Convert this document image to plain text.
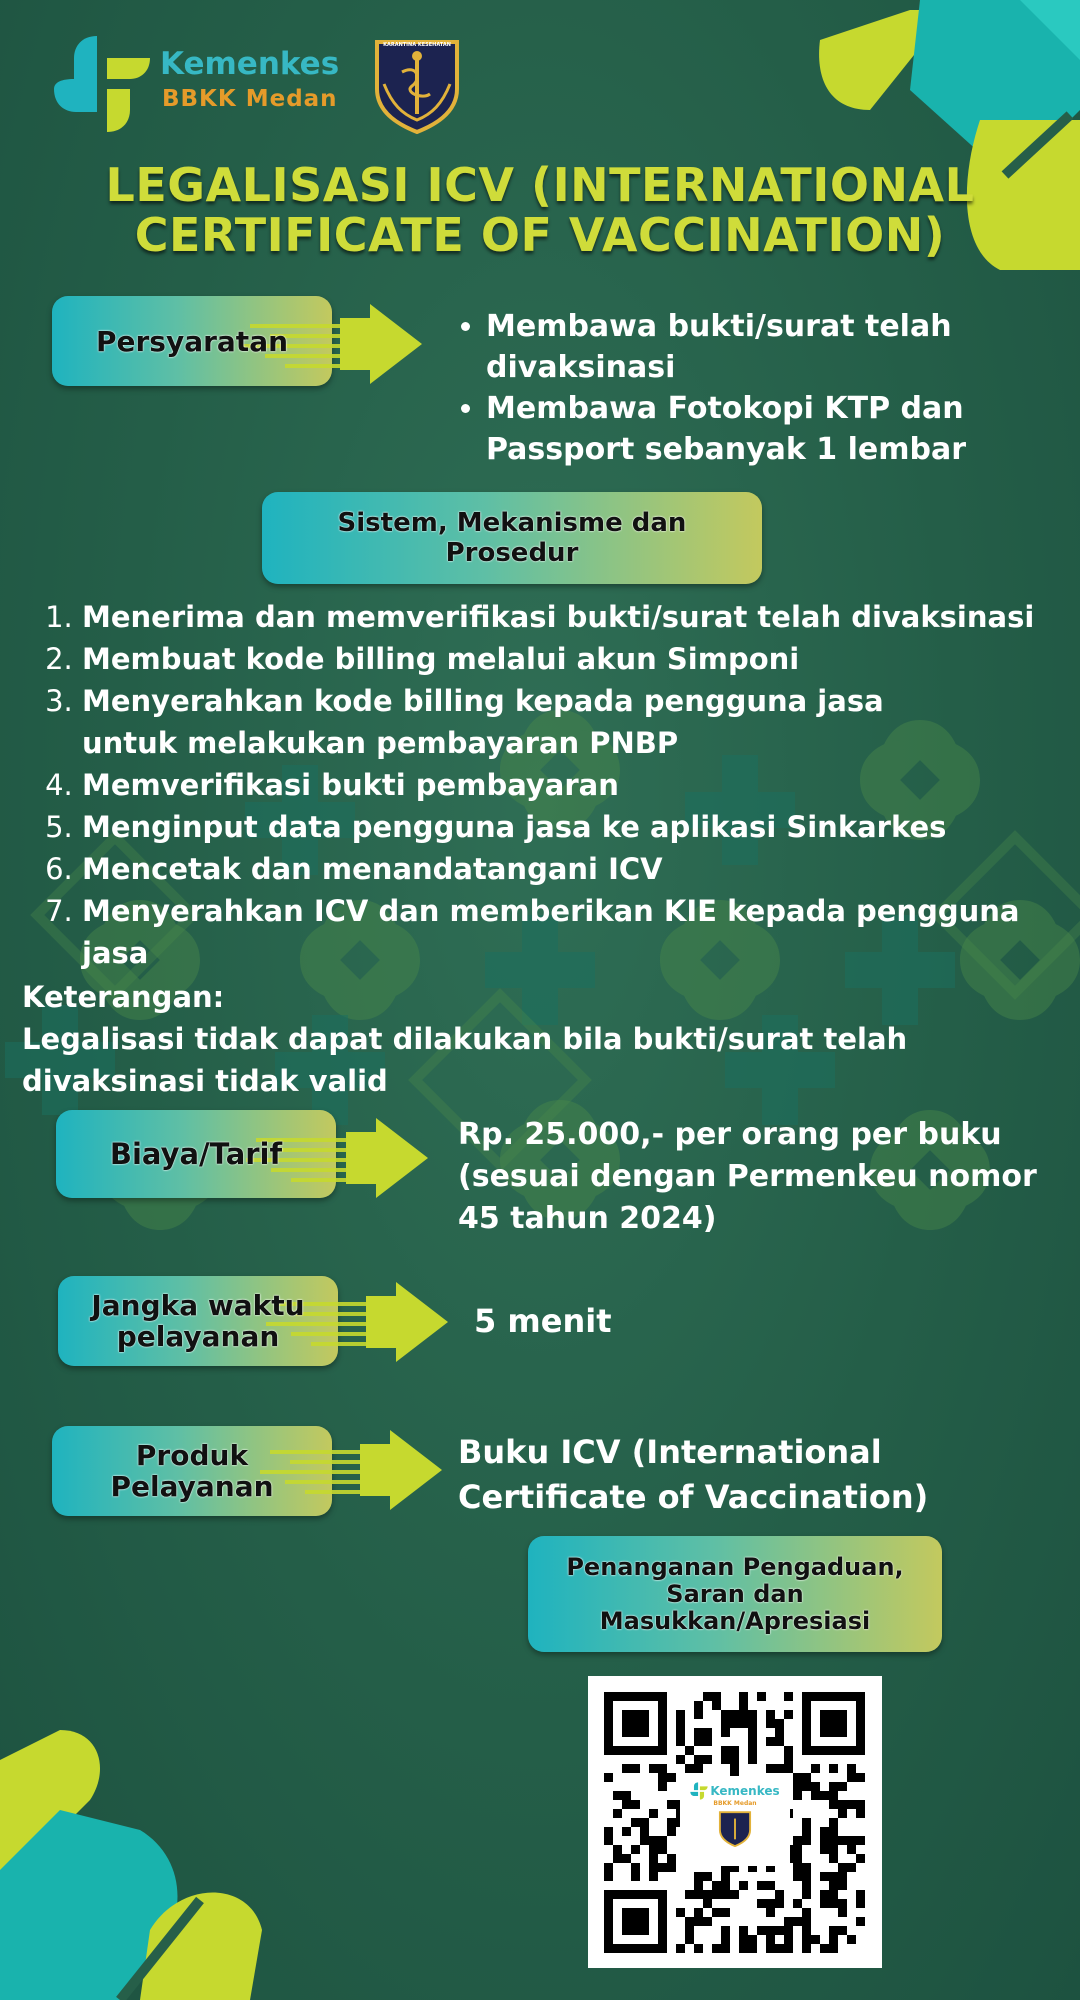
Kemenkes
BBKK Medan
KARANTINA KESEHATAN
LEGALISASI ICV (INTERNATIONAL
CERTIFICATE OF VACCINATION)
Persyaratan
•	Membawa bukti/surat telah divaksinasi
• Membawa Fotokopi KTP dan Passport sebanyak 1 lembar
Sistem, Mekanisme dan
Prosedur
1. Menerima dan memverifikasi bukti/surat telah divaksinasi
2. Membuat kode billing melalui akun Simponi
3. Menyerahkan kode billing kepada pengguna jasa untuk melakukan pembayaran PNBP
4. Memverifikasi bukti pembayaran
5. Menginput data pengguna jasa ke aplikasi Sinkarkes
6. Mencetak dan menandatangani ICV
7. Menyerahkan ICV dan memberikan KIE kepada pengguna jasa
Keterangan:
Legalisasi tidak dapat dilakukan bila bukti/surat telah divaksinasi tidak valid
Biaya/Tarif
Rp. 25.000,- per orang per buku (sesuai dengan Permenkeu nomor 45 tahun 2024)
Jangka waktu
pelayanan	5 menit
Produk
Pelayanan
Buku ICV (International Certificate of Vaccination)
Penanganan Pengaduan,
Saran dan
Masukkan/Apresiasi
Kemenkes
BBKK Medan
